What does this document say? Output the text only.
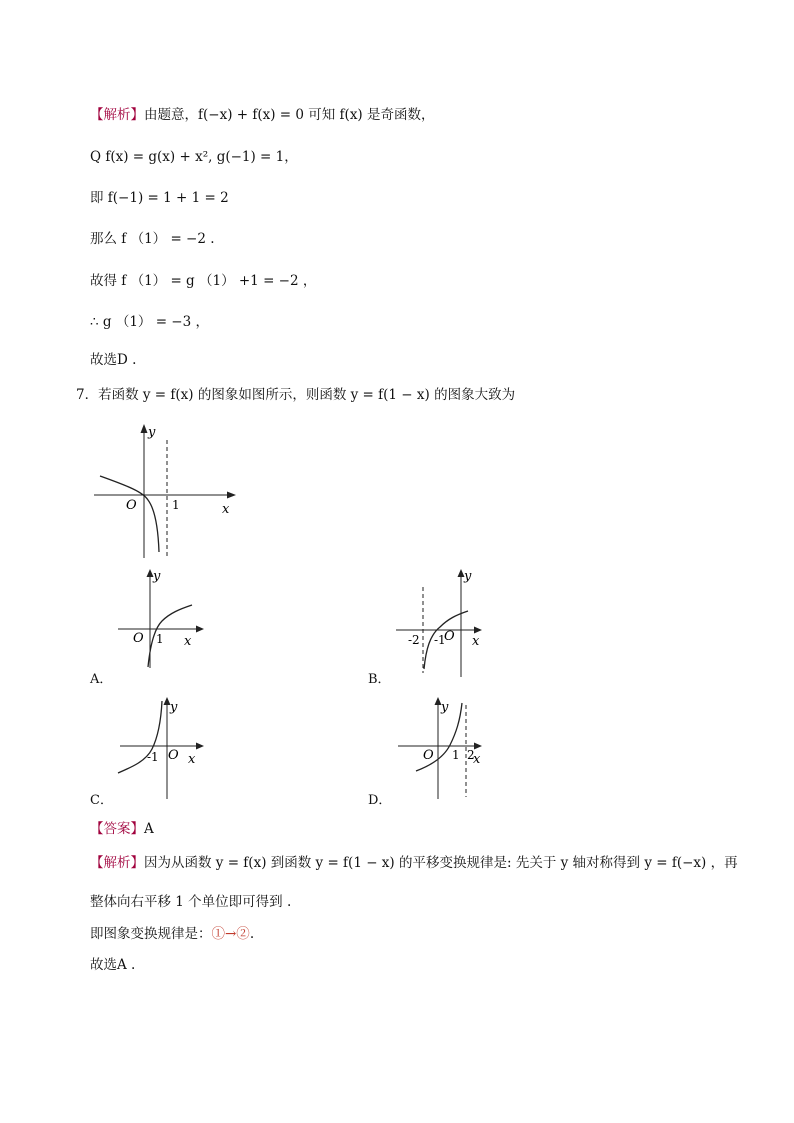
【解析】由题意，f(−x) + f(x) = 0 可知 f(x) 是奇函数，
Q f(x) = g(x) + x², g(−1) = 1，
即 f(−1) = 1 + 1 = 2
那么 f （1） = −2 .
故得 f （1） = g （1） +1 = −2 ，
∴ g （1） = −3 ，
故选D .
7．若函数 y = f(x) 的图象如图所示，则函数 y = f(1 − x) 的图象大致为
y
O	1	x
y
O 1 x
A．
y
-2 -1
O x
B．
y
-1 O x
C．
y
O 1 2
x
D．
【答案】A
【解析】因为从函数 y = f(x) 到函数 y = f(1 − x) 的平移变换规律是: 先关于 y 轴对称得到 y = f(−x) ，再
整体向右平移 1 个单位即可得到 .
即图象变换规律是：①→②.
故选A .
